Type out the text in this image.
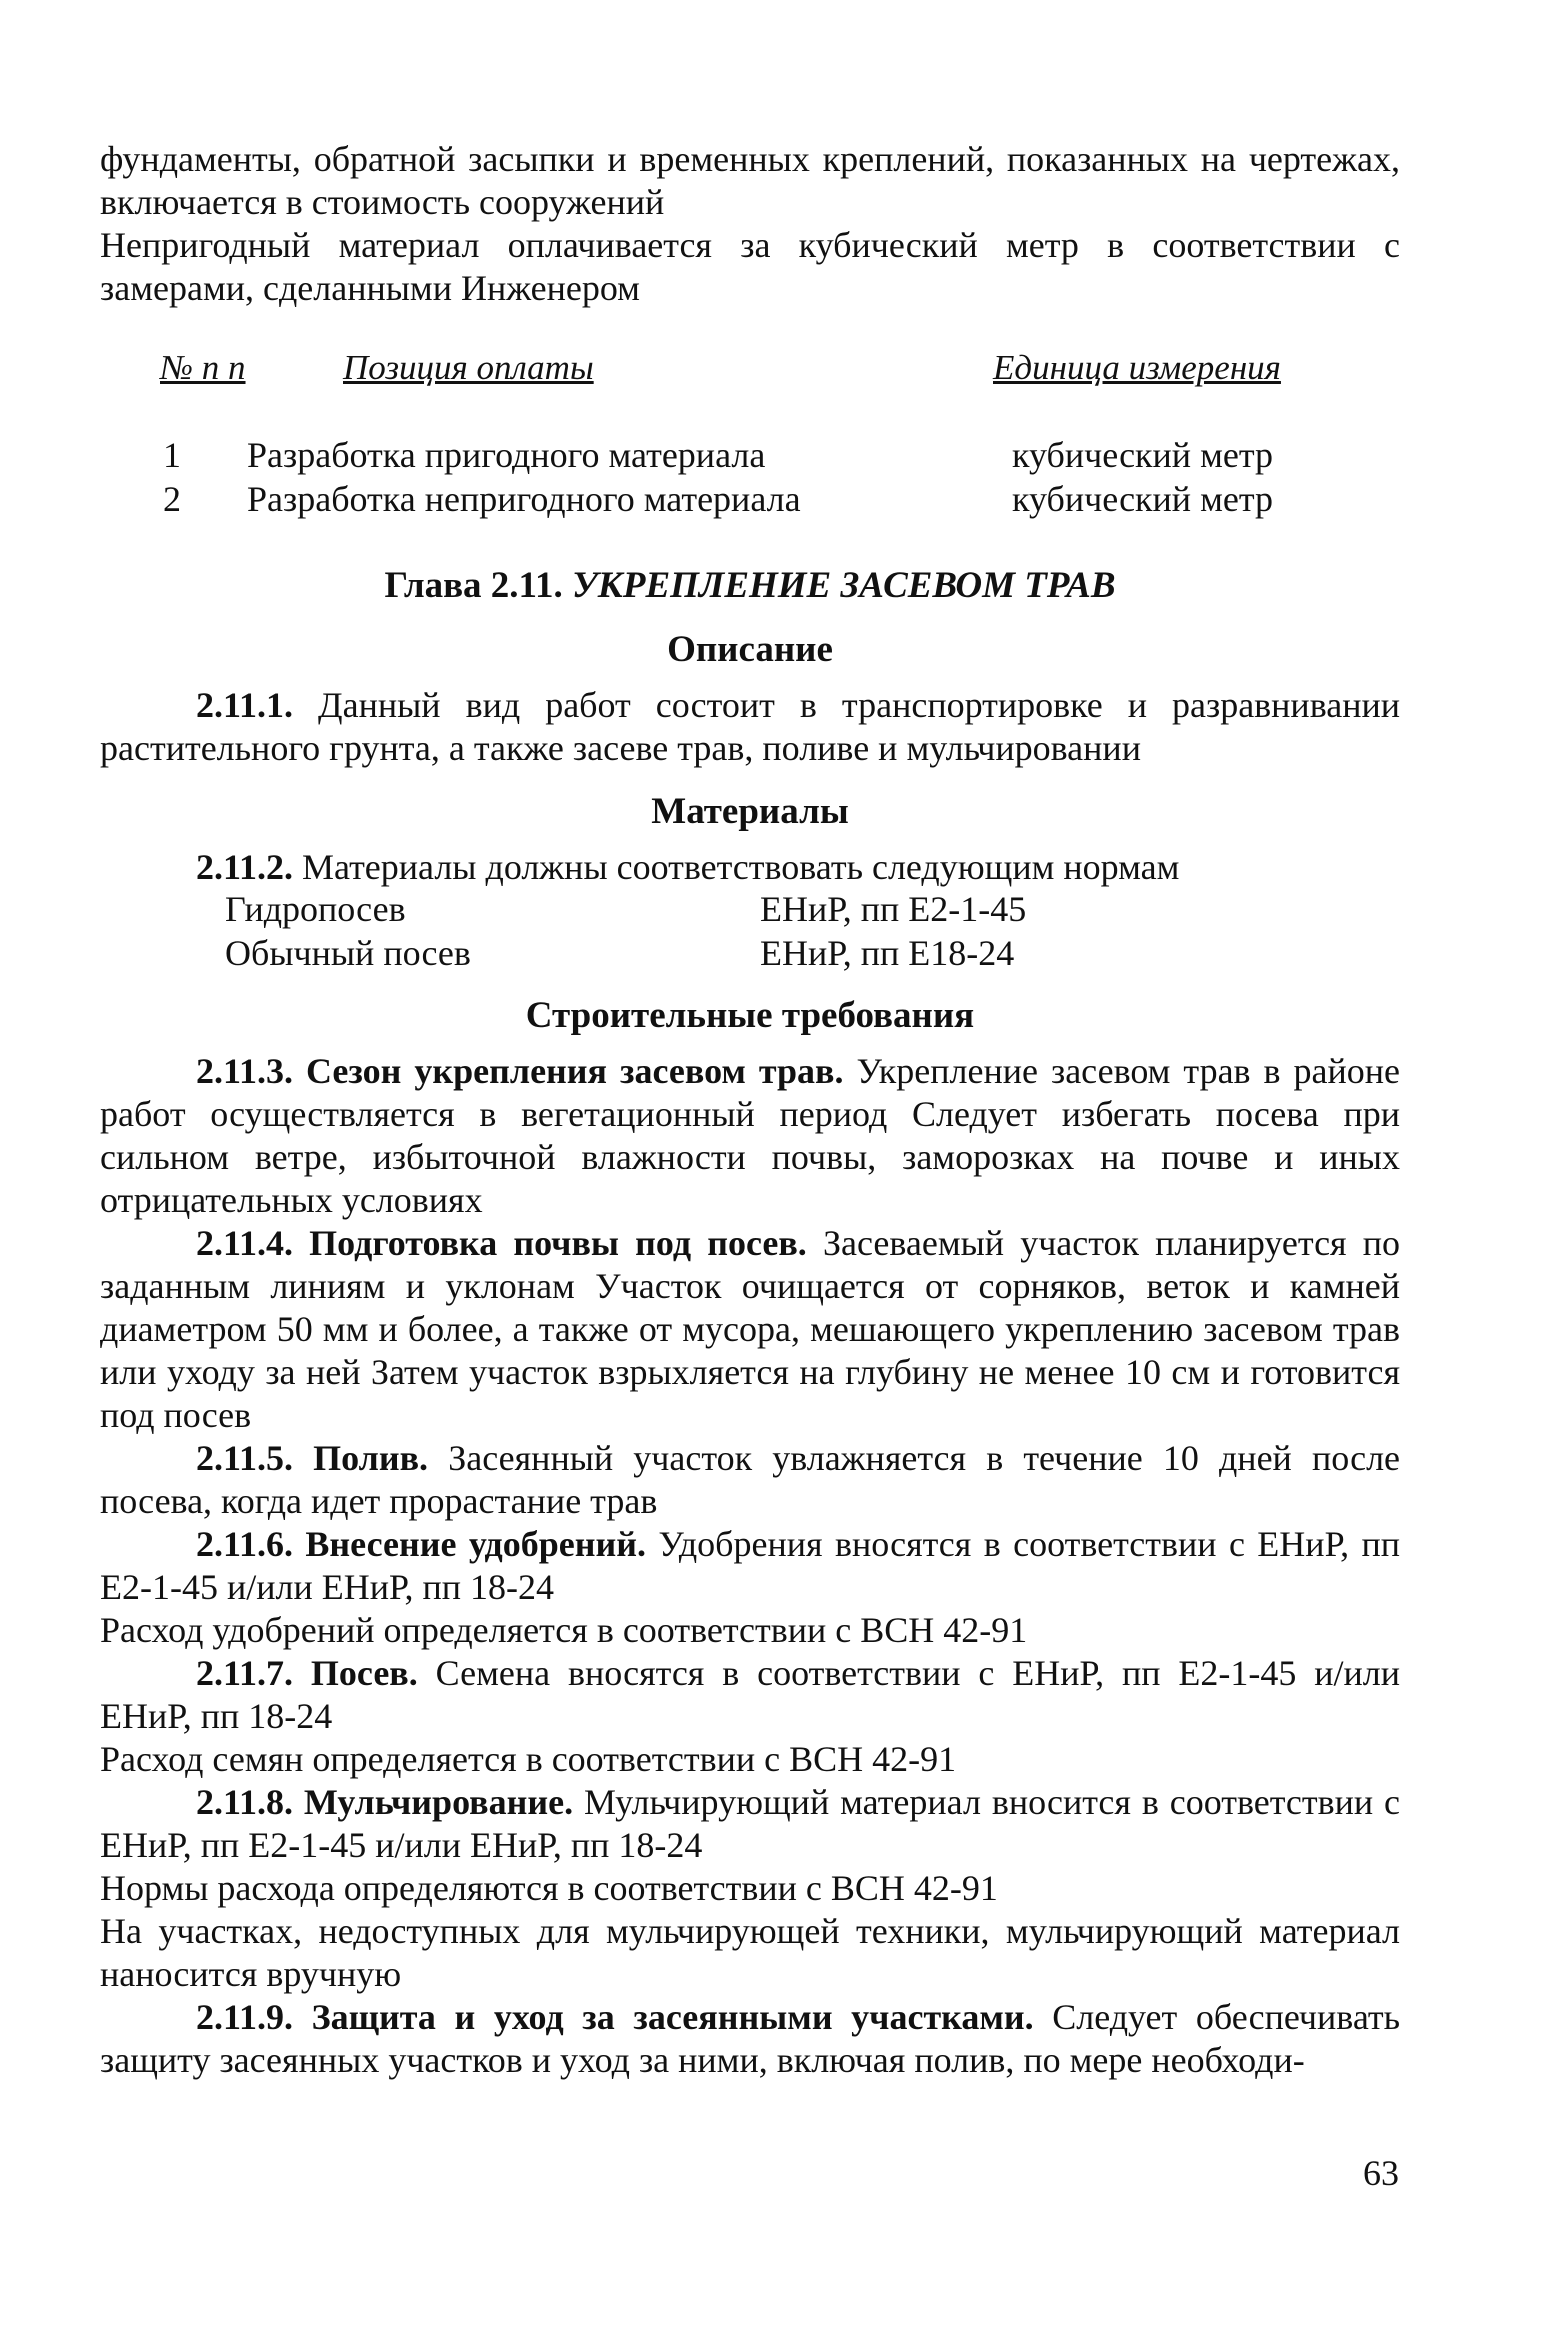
фундаменты, обратной засыпки и временных креплений, показанных на чертежах, включается в стоимость сооружений
Непригодный материал оплачивается за кубический метр в соответствии с замерами, сделанными Инженером
№ п п	Позиция оплаты	Единица измерения
1 Разработка пригодного материала	кубический метр
2 Разработка непригодного материала	кубический метр
Глава 2.11. УКРЕПЛЕНИЕ ЗАСЕВОМ ТРАВ
Описание
2.11.1. Данный вид работ состоит в транспортировке и разравнивании растительного грунта, а также засеве трав, поливе и мульчировании
Материалы
2.11.2. Материалы должны соответствовать следующим нормам
Гидропосев	ЕНиР, пп Е2-1-45
Обычный посев	ЕНиР, пп Е18-24
Строительные требования
2.11.3. Сезон укрепления засевом трав. Укрепление засевом трав в районе работ осуществляется в вегетационный период Следует избегать посева при сильном ветре, избыточной влажности почвы, заморозках на почве и иных отрицательных условиях
2.11.4. Подготовка почвы под посев. Засеваемый участок планируется по заданным линиям и уклонам Участок очищается от сорняков, веток и камней диаметром 50 мм и более, а также от мусора, мешающего укреплению засевом трав или уходу за ней Затем участок взрыхляется на глубину не менее 10 см и готовится под посев
2.11.5. Полив. Засеянный участок увлажняется в течение 10 дней после посева, когда идет прорастание трав
2.11.6. Внесение удобрений. Удобрения вносятся в соответствии с ЕНиР, пп Е2-1-45 и/или ЕНиР, пп 18-24
Расход удобрений определяется в соответствии с ВСН 42-91
2.11.7. Посев. Семена вносятся в соответствии с ЕНиР, пп Е2-1-45 и/или ЕНиР, пп 18-24
Расход семян определяется в соответствии с ВСН 42-91
2.11.8. Мульчирование. Мульчирующий материал вносится в соответствии с ЕНиР, пп Е2-1-45 и/или ЕНиР, пп 18-24
Нормы расхода определяются в соответствии с ВСН 42-91
На участках, недоступных для мульчирующей техники, мульчирующий материал наносится вручную
2.11.9. Защита и уход за засеянными участками. Следует обеспечивать защиту засеянных участков и уход за ними, включая полив, по мере необходи-
63
